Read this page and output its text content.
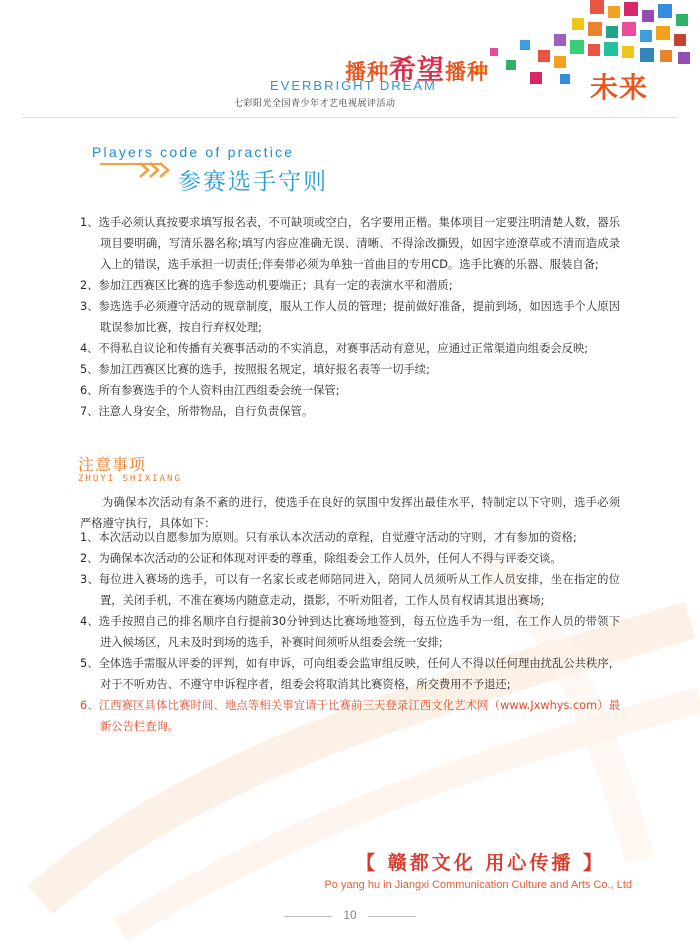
播种希望播种
EVERBRIGHT DREAM
七彩阳光全国青少年才艺电视展评活动	未来
Players code of practice
参赛选手守则
1、选手必须认真按要求填写报名表，不可缺项或空白，名字要用正楷。集体项目一定要注明清楚人数，器乐项目要明确，写清乐器名称;填写内容应准确无误、清晰、不得涂改撕毁，如因字迹潦草或不清而造成录入上的错误，选手承担一切责任;伴奏带必须为单独一首曲目的专用CD。选手比赛的乐器、服装自备;
2、参加江西赛区比赛的选手参选动机要端正；具有一定的表演水平和潜质;
3、参选选手必须遵守活动的规章制度，服从工作人员的管理；提前做好准备，提前到场，如因选手个人原因耽误参加比赛，按自行弃权处理;
4、不得私自议论和传播有关赛事活动的不实消息，对赛事活动有意见，应通过正常渠道向组委会反映;
5、参加江西赛区比赛的选手，按照报名规定，填好报名表等一切手续;
6、所有参赛选手的个人资料由江西组委会统一保管;
7、注意人身安全，所带物品，自行负责保管。
注意事项
ZHUYI SHIXIANG
为确保本次活动有条不紊的进行，使选手在良好的氛围中发挥出最佳水平，特制定以下守则，选手必须严格遵守执行，具体如下：
1、本次活动以自愿参加为原则。只有承认本次活动的章程，自觉遵守活动的守则，才有参加的资格;
2、为确保本次活动的公证和体现对评委的尊重，除组委会工作人员外，任何人不得与评委交谈。
3、每位进入赛场的选手，可以有一名家长或老师陪同进入，陪同人员须听从工作人员安排，坐在指定的位置，关闭手机，不准在赛场内随意走动，摄影，不听劝阻者，工作人员有权请其退出赛场;
4、选手按照自己的排名顺序自行提前30分钟到达比赛场地签到，每五位选手为一组，在工作人员的带领下进入候场区，凡未及时到场的选手，补赛时间须听从组委会统一安排;
5、全体选手需服从评委的评判，如有申诉，可向组委会监审组反映，任何人不得以任何理由扰乱公共秩序，对于不听劝告、不遵守申诉程序者，组委会将取消其比赛资格，所交费用不予退还;
6、江西赛区具体比赛时间、地点等相关事宜请于比赛前三天登录江西文化艺术网（www.Jxwhys.com）最新公告栏查询。
【 赣都文化 用心传播 】
Po yang hu in Jiangxi Communication Culture and Arts Co., Ltd
10
